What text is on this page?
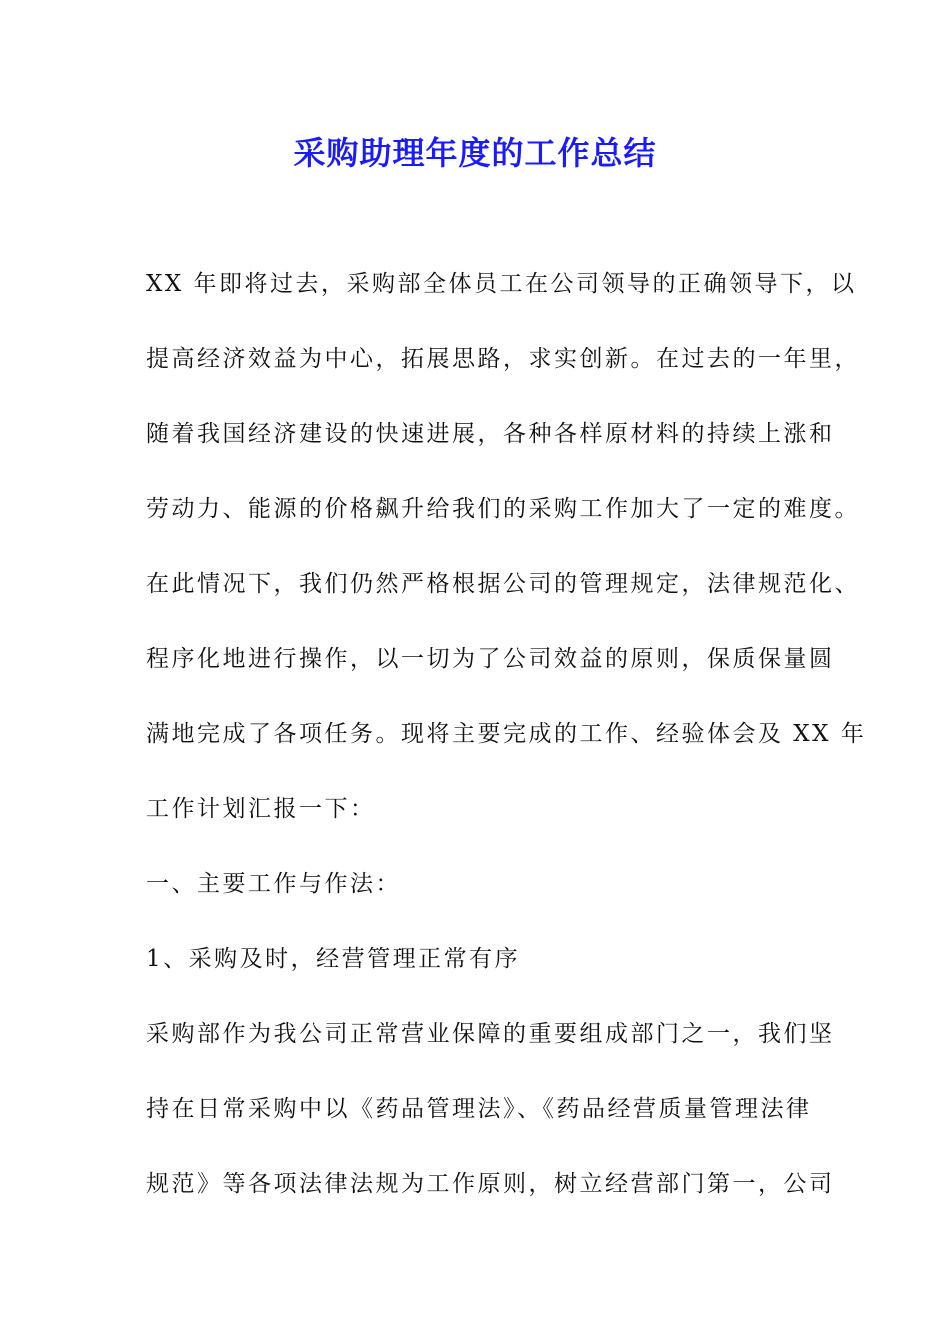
采购助理年度的工作总结
XX 年即将过去，采购部全体员工在公司领导的正确领导下，以
提高经济效益为中心，拓展思路，求实创新。在过去的一年里，
随着我国经济建设的快速进展，各种各样原材料的持续上涨和
劳动力、能源的价格飙升给我们的采购工作加大了一定的难度。
在此情况下，我们仍然严格根据公司的管理规定，法律规范化、
程序化地进行操作，以一切为了公司效益的原则，保质保量圆
满地完成了各项任务。现将主要完成的工作、经验体会及 XX 年
工作计划汇报一下：
一、主要工作与作法：
1、采购及时，经营管理正常有序
采购部作为我公司正常营业保障的重要组成部门之一，我们坚
持在日常采购中以《药品管理法》、《药品经营质量管理法律
规范》等各项法律法规为工作原则，树立经营部门第一，公司
